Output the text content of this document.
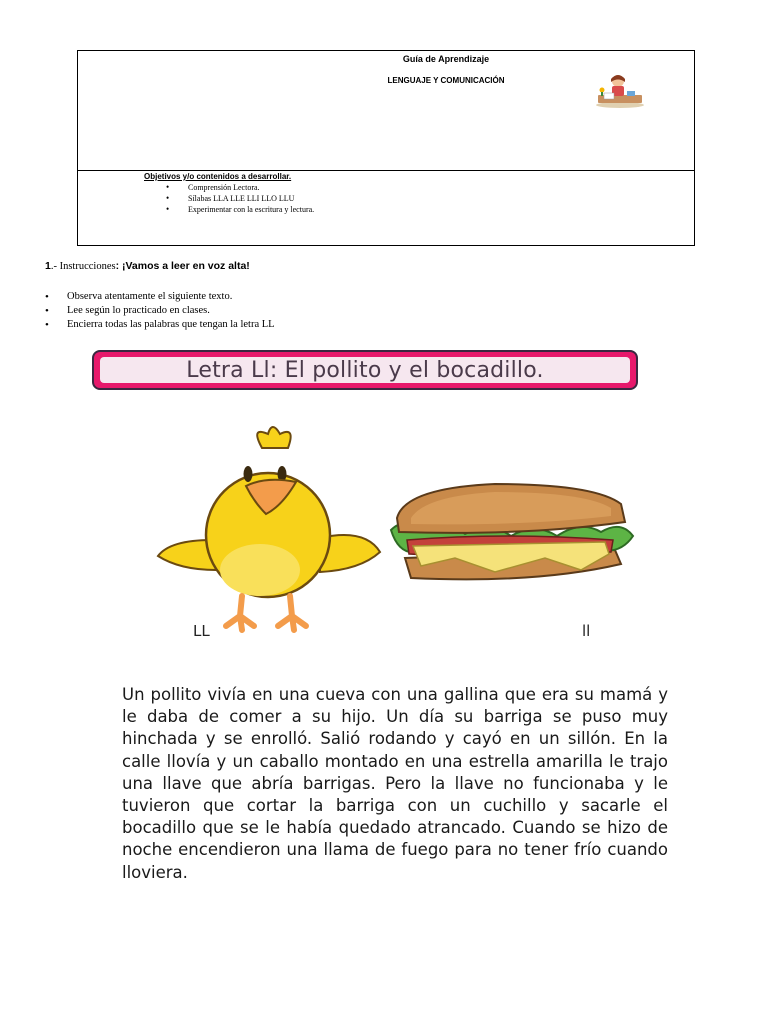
Guía de Aprendizaje
LENGUAJE Y COMUNICACIÓN
Objetivos y/o contenidos a desarrollar.
• Comprensión Lectora.
• Sílabas LLA LLE LLI LLO LLU
• Experimentar con la escritura y lectura.
1.- Instrucciones: ¡Vamos a leer en voz alta!
• Observa atentamente el siguiente texto.
• Lee según lo practicado en clases.
• Encierra todas las palabras que tengan la letra LL
Letra Ll: El pollito y el bocadillo.
LL	ll
Un pollito vivía en una cueva con una gallina que era su mamá y le daba de comer a su hijo. Un día su barriga se puso muy hinchada y se enrolló. Salió rodando y cayó en un sillón. En la calle llovía y un caballo montado en una estrella amarilla le trajo una llave que abría barrigas. Pero la llave no funcionaba y le tuvieron que cortar la barriga con un cuchillo y sacarle el bocadillo que se le había quedado atrancado. Cuando se hizo de noche encendieron una llama de fuego para no tener frío cuando lloviera.
